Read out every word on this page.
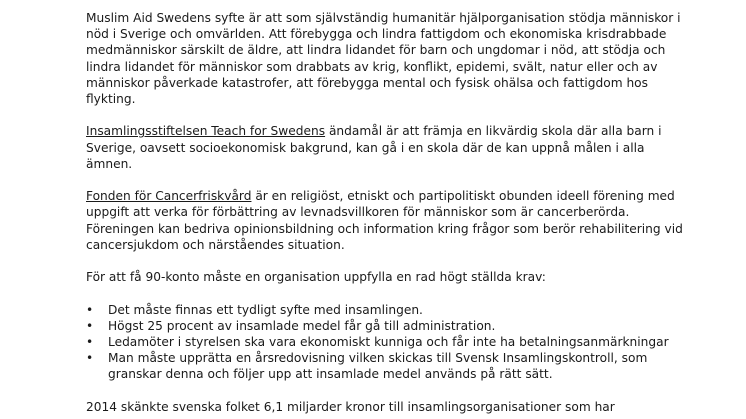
Muslim Aid Swedens syfte är att som självständig humanitär hjälporganisation stödja människor i nöd i Sverige och omvärlden. Att förebygga och lindra fattigdom och ekonomiska krisdrabbade medmänniskor särskilt de äldre, att lindra lidandet för barn och ungdomar i nöd, att stödja och lindra lidandet för människor som drabbats av krig, konflikt, epidemi, svält, natur eller och av människor påverkade katastrofer, att förebygga mental och fysisk ohälsa och fattigdom hos flykting.

Insamlingsstiftelsen Teach for Swedens ändamål är att främja en likvärdig skola där alla barn i Sverige, oavsett socioekonomisk bakgrund, kan gå i en skola där de kan uppnå målen i alla ämnen.

Fonden för Cancerfriskvård är en religiöst, etniskt och partipolitiskt obunden ideell förening med uppgift att verka för förbättring av levnadsvillkoren för människor som är cancerberörda. Föreningen kan bedriva opinionsbildning och information kring frågor som berör rehabilitering vid cancersjukdom och närståendes situation.

För att få 90-konto måste en organisation uppfylla en rad högt ställda krav:

• Det måste finnas ett tydligt syfte med insamlingen.
• Högst 25 procent av insamlade medel får gå till administration.
• Ledamöter i styrelsen ska vara ekonomiskt kunniga och får inte ha betalningsanmärkningar
• Man måste upprätta en årsredovisning vilken skickas till Svensk Insamlingskontroll, som granskar denna och följer upp att insamlade medel används på rätt sätt.

2014 skänkte svenska folket 6,1 miljarder kronor till insamlingsorganisationer som har
